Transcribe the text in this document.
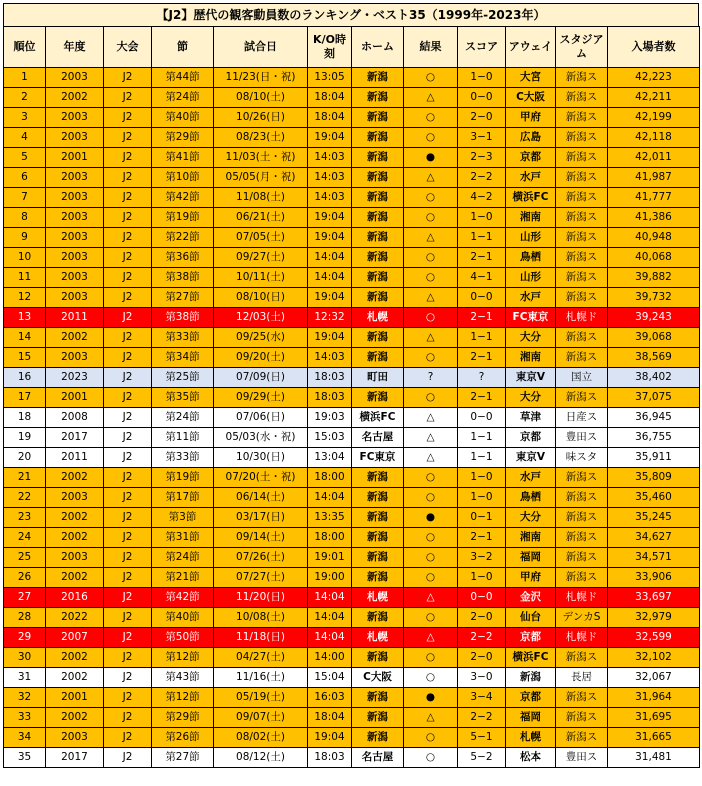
【J2】歴代の観客動員数のランキング・ベスト35（1999年-2023年）
順位	年度	大会	節	試合日	K/O時刻	ホーム	結果	スコア	アウェイ	スタジアム	入場者数
1	2003	J2	第44節	11/23(日・祝)	13:05	新潟	○	1−0	大宮	新潟ス	42,223
2	2002	J2	第24節	08/10(土)	18:04	新潟	△	0−0	C大阪	新潟ス	42,211
3	2003	J2	第40節	10/26(日)	18:04	新潟	○	2−0	甲府	新潟ス	42,199
4	2003	J2	第29節	08/23(土)	19:04	新潟	○	3−1	広島	新潟ス	42,118
5	2001	J2	第41節	11/03(土・祝)	14:03	新潟	●	2−3	京都	新潟ス	42,011
6	2003	J2	第10節	05/05(月・祝)	14:03	新潟	△	2−2	水戸	新潟ス	41,987
7	2003	J2	第42節	11/08(土)	14:03	新潟	○	4−2	横浜FC	新潟ス	41,777
8	2003	J2	第19節	06/21(土)	19:04	新潟	○	1−0	湘南	新潟ス	41,386
9	2003	J2	第22節	07/05(土)	19:04	新潟	△	1−1	山形	新潟ス	40,948
10	2003	J2	第36節	09/27(土)	14:04	新潟	○	2−1	鳥栖	新潟ス	40,068
11	2003	J2	第38節	10/11(土)	14:04	新潟	○	4−1	山形	新潟ス	39,882
12	2003	J2	第27節	08/10(日)	19:04	新潟	△	0−0	水戸	新潟ス	39,732
13	2011	J2	第38節	12/03(土)	12:32	札幌	○	2−1	FC東京	札幌ド	39,243
14	2002	J2	第33節	09/25(水)	19:04	新潟	△	1−1	大分	新潟ス	39,068
15	2003	J2	第34節	09/20(土)	14:03	新潟	○	2−1	湘南	新潟ス	38,569
16	2023	J2	第25節	07/09(日)	18:03	町田	?	?	東京V	国立	38,402
17	2001	J2	第35節	09/29(土)	18:03	新潟	○	2−1	大分	新潟ス	37,075
18	2008	J2	第24節	07/06(日)	19:03	横浜FC	△	0−0	草津	日産ス	36,945
19	2017	J2	第11節	05/03(水・祝)	15:03	名古屋	△	1−1	京都	豊田ス	36,755
20	2011	J2	第33節	10/30(日)	13:04	FC東京	△	1−1	東京V	味スタ	35,911
21	2002	J2	第19節	07/20(土・祝)	18:00	新潟	○	1−0	水戸	新潟ス	35,809
22	2003	J2	第17節	06/14(土)	14:04	新潟	○	1−0	鳥栖	新潟ス	35,460
23	2002	J2	第3節	03/17(日)	13:35	新潟	●	0−1	大分	新潟ス	35,245
24	2002	J2	第31節	09/14(土)	18:00	新潟	○	2−1	湘南	新潟ス	34,627
25	2003	J2	第24節	07/26(土)	19:01	新潟	○	3−2	福岡	新潟ス	34,571
26	2002	J2	第21節	07/27(土)	19:00	新潟	○	1−0	甲府	新潟ス	33,906
27	2016	J2	第42節	11/20(日)	14:04	札幌	△	0−0	金沢	札幌ド	33,697
28	2022	J2	第40節	10/08(土)	14:04	新潟	○	2−0	仙台	デンカS	32,979
29	2007	J2	第50節	11/18(日)	14:04	札幌	△	2−2	京都	札幌ド	32,599
30	2002	J2	第12節	04/27(土)	14:00	新潟	○	2−0	横浜FC	新潟ス	32,102
31	2002	J2	第43節	11/16(土)	15:04	C大阪	○	3−0	新潟	長居	32,067
32	2001	J2	第12節	05/19(土)	16:03	新潟	●	3−4	京都	新潟ス	31,964
33	2002	J2	第29節	09/07(土)	18:04	新潟	△	2−2	福岡	新潟ス	31,695
34	2003	J2	第26節	08/02(土)	19:04	新潟	○	5−1	札幌	新潟ス	31,665
35	2017	J2	第27節	08/12(土)	18:03	名古屋	○	5−2	松本	豊田ス	31,481
